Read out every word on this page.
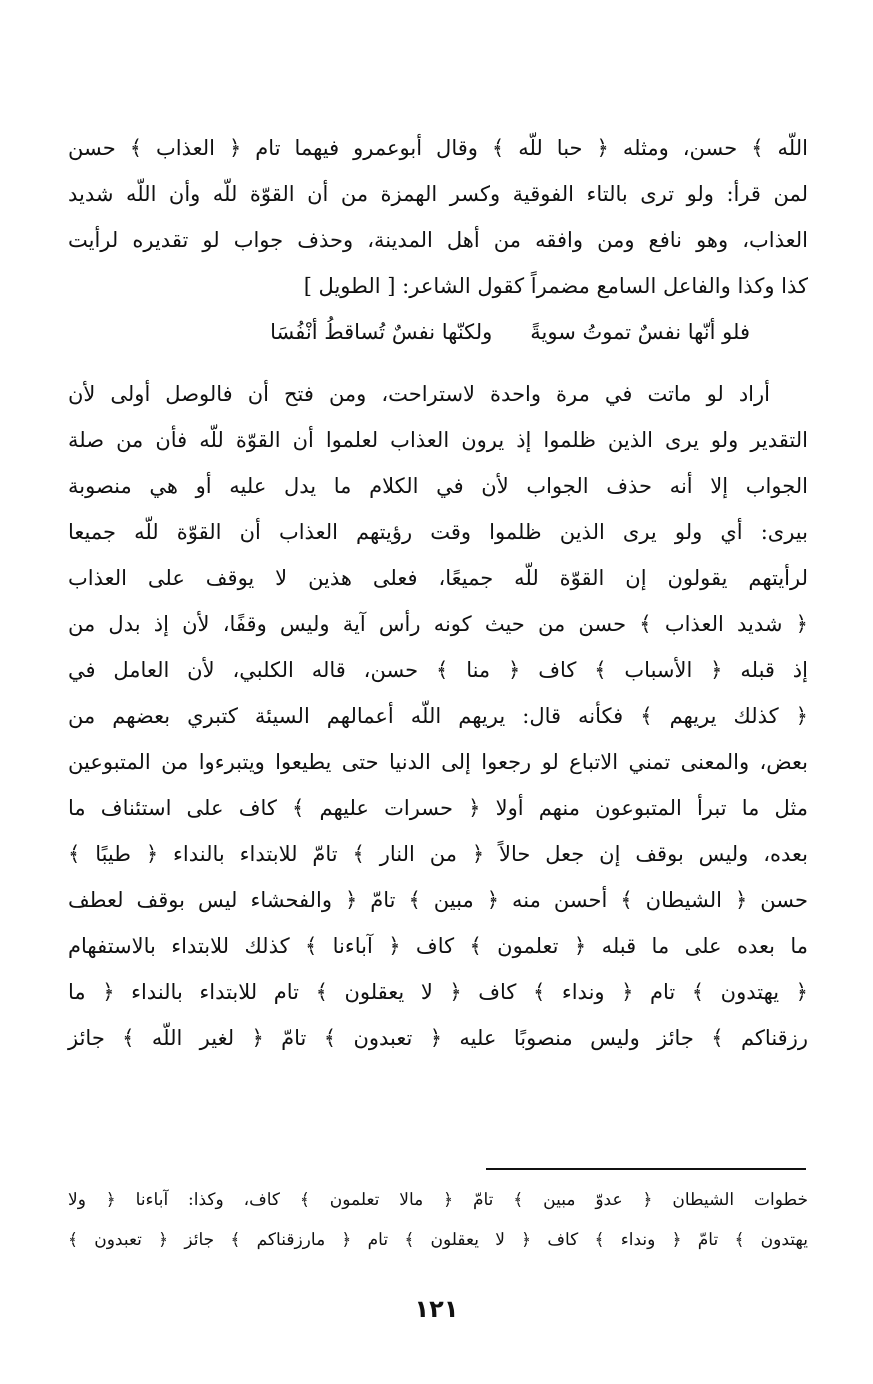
اللّه ﴾ حسن، ومثله ﴿ حبا للّه ﴾ وقال أبوعمرو فيهما تام ﴿ العذاب ﴾ حسن
لمن قرأ: ولو ترى بالتاء الفوقية وكسر الهمزة من أن القوّة للّه وأن اللّه شديد
العذاب، وهو نافع ومن وافقه من أهل المدينة، وحذف جواب لو تقديره لرأيت
كذا وكذا والفاعل السامع مضمراً كقول الشاعر: [ الطويل ]
فلو أنّها نفسٌ تموتُ سويةً
ولكنّها نفسٌ تُساقطُ أنْفُسَا
أراد لو ماتت في مرة واحدة لاستراحت، ومن فتح أن فالوصل أولى لأن
التقدير ولو يرى الذين ظلموا إذ يرون العذاب لعلموا أن القوّة للّه فأن من صلة
الجواب إلا أنه حذف الجواب لأن في الكلام ما يدل عليه أو هي منصوبة
بيرى: أي ولو يرى الذين ظلموا وقت رؤيتهم العذاب أن القوّة للّه جميعا
لرأيتهم يقولون إن القوّة للّه جميعًا، فعلى هذين لا يوقف على العذاب
﴿ شديد العذاب ﴾ حسن من حيث كونه رأس آية وليس وقفًا، لأن إذ بدل من
إذ قبله ﴿ الأسباب ﴾ كاف ﴿ منا ﴾ حسن، قاله الكلبي، لأن العامل في
﴿ كذلك يريهم ﴾ فكأنه قال: يريهم اللّه أعمالهم السيئة كتبري بعضهم من
بعض، والمعنى تمني الاتباع لو رجعوا إلى الدنيا حتى يطيعوا ويتبرءوا من المتبوعين
مثل ما تبرأ المتبوعون منهم أولا ﴿ حسرات عليهم ﴾ كاف على استئناف ما
بعده، وليس بوقف إن جعل حالاً ﴿ من النار ﴾ تامّ للابتداء بالنداء ﴿ طيبًا ﴾
حسن ﴿ الشيطان ﴾ أحسن منه ﴿ مبين ﴾ تامّ ﴿ والفحشاء ليس بوقف لعطف
ما بعده على ما قبله ﴿ تعلمون ﴾ كاف ﴿ آباءنا ﴾ كذلك للابتداء بالاستفهام
﴿ يهتدون ﴾ تام ﴿ ونداء ﴾ كاف ﴿ لا يعقلون ﴾ تام للابتداء بالنداء ﴿ ما
رزقناكم ﴾ جائز وليس منصوبًا عليه ﴿ تعبدون ﴾ تامّ ﴿ لغير اللّه ﴾ جائز
خطوات الشيطان ﴿ عدوّ مبين ﴾ تامّ ﴿ مالا تعلمون ﴾ كاف، وكذا: آباءنا ﴿ ولا
يهتدون ﴾ تامّ ﴿ ونداء ﴾ كاف ﴿ لا يعقلون ﴾ تام ﴿ مارزقناكم ﴾ جائز ﴿ تعبدون ﴾
١٢١
